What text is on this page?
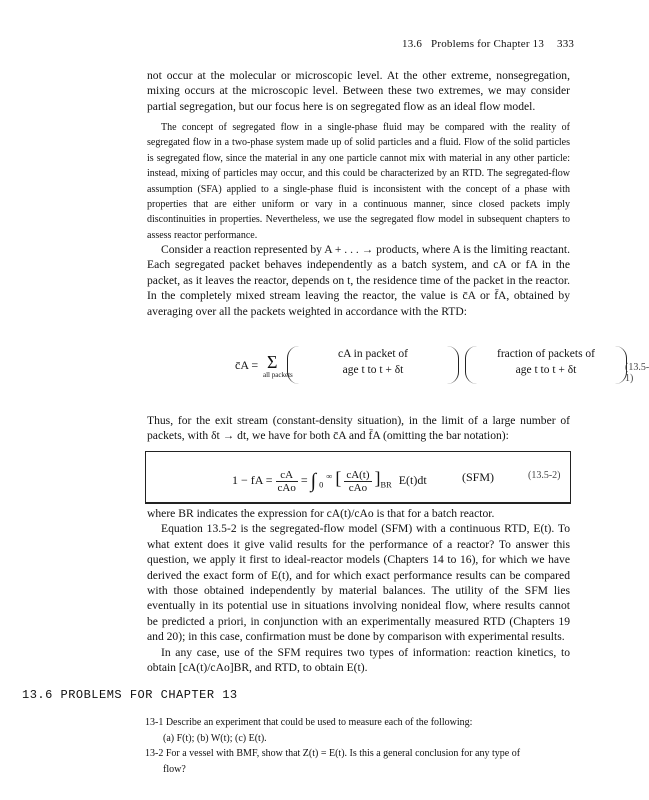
13.6 Problems for Chapter 13 333

not occur at the molecular or microscopic level. At the other extreme, nonsegregation, mixing occurs at the microscopic level. Between these two extremes, we may consider partial segregation, but our focus here is on segregated flow as an ideal flow model.

The concept of segregated flow in a single-phase fluid may be compared with the reality of segregated flow in a two-phase system made up of solid particles and a fluid. Flow of the solid particles is segregated flow, since the material in any one particle cannot mix with material in any other particle: instead, mixing of particles may occur, and this could be characterized by an RTD. The segregated-flow assumption (SFA) applied to a single-phase fluid is inconsistent with the concept of a phase with properties that are either uniform or vary in a continuous manner, since closed packets imply discontinuities in properties. Nevertheless, we use the segregated flow model in subsequent chapters to assess reactor performance.

Consider a reaction represented by A + . . . → products, where A is the limiting reactant. Each segregated packet behaves independently as a batch system, and cA or fA in the packet, as it leaves the reactor, depends on t, the residence time of the packet in the reactor. In the completely mixed stream leaving the reactor, the value is c̄A or f̄A, obtained by averaging over all the packets weighted in accordance with the RTD:

c̄A = Σ
all packets
cA in packet of
age t to t + δt
fraction of packets of
age t to t + δt	(13.5-1)

Thus, for the exit stream (constant-density situation), in the limit of a large number of packets, with δt → dt, we have for both c̄A and f̄A (omitting the bar notation):

1 − fA = $\frac{cA}{\text{cAo}}$ = ∫ $_0$ ∞ [ $\frac{cA(t)}{\text{cAo}} ]_{BR}$ E(t)dt	(SFM)	(13.5-2)

where BR indicates the expression for cA(t)/cAo is that for a batch reactor.

Equation 13.5-2 is the segregated-flow model (SFM) with a continuous RTD, E(t). To what extent does it give valid results for the performance of a reactor? To answer this question, we apply it first to ideal-reactor models (Chapters 14 to 16), for which we have derived the exact form of E(t), and for which exact performance results can be compared with those obtained independently by material balances. The utility of the SFM lies eventually in its potential use in situations involving nonideal flow, where results cannot be predicted a priori, in conjunction with an experimentally measured RTD (Chapters 19 and 20); in this case, confirmation must be done by comparison with experimental results.

In any case, use of the SFM requires two types of information: reaction kinetics, to obtain [cA(t)/cAo]BR, and RTD, to obtain E(t).

13.6 PROBLEMS FOR CHAPTER 13

13-1 Describe an experiment that could be used to measure each of the following:

(a) F(t); (b) W(t); (c) E(t).

13-2 For a vessel with BMF, show that Z(t) = E(t). Is this a general conclusion for any type of

flow?
